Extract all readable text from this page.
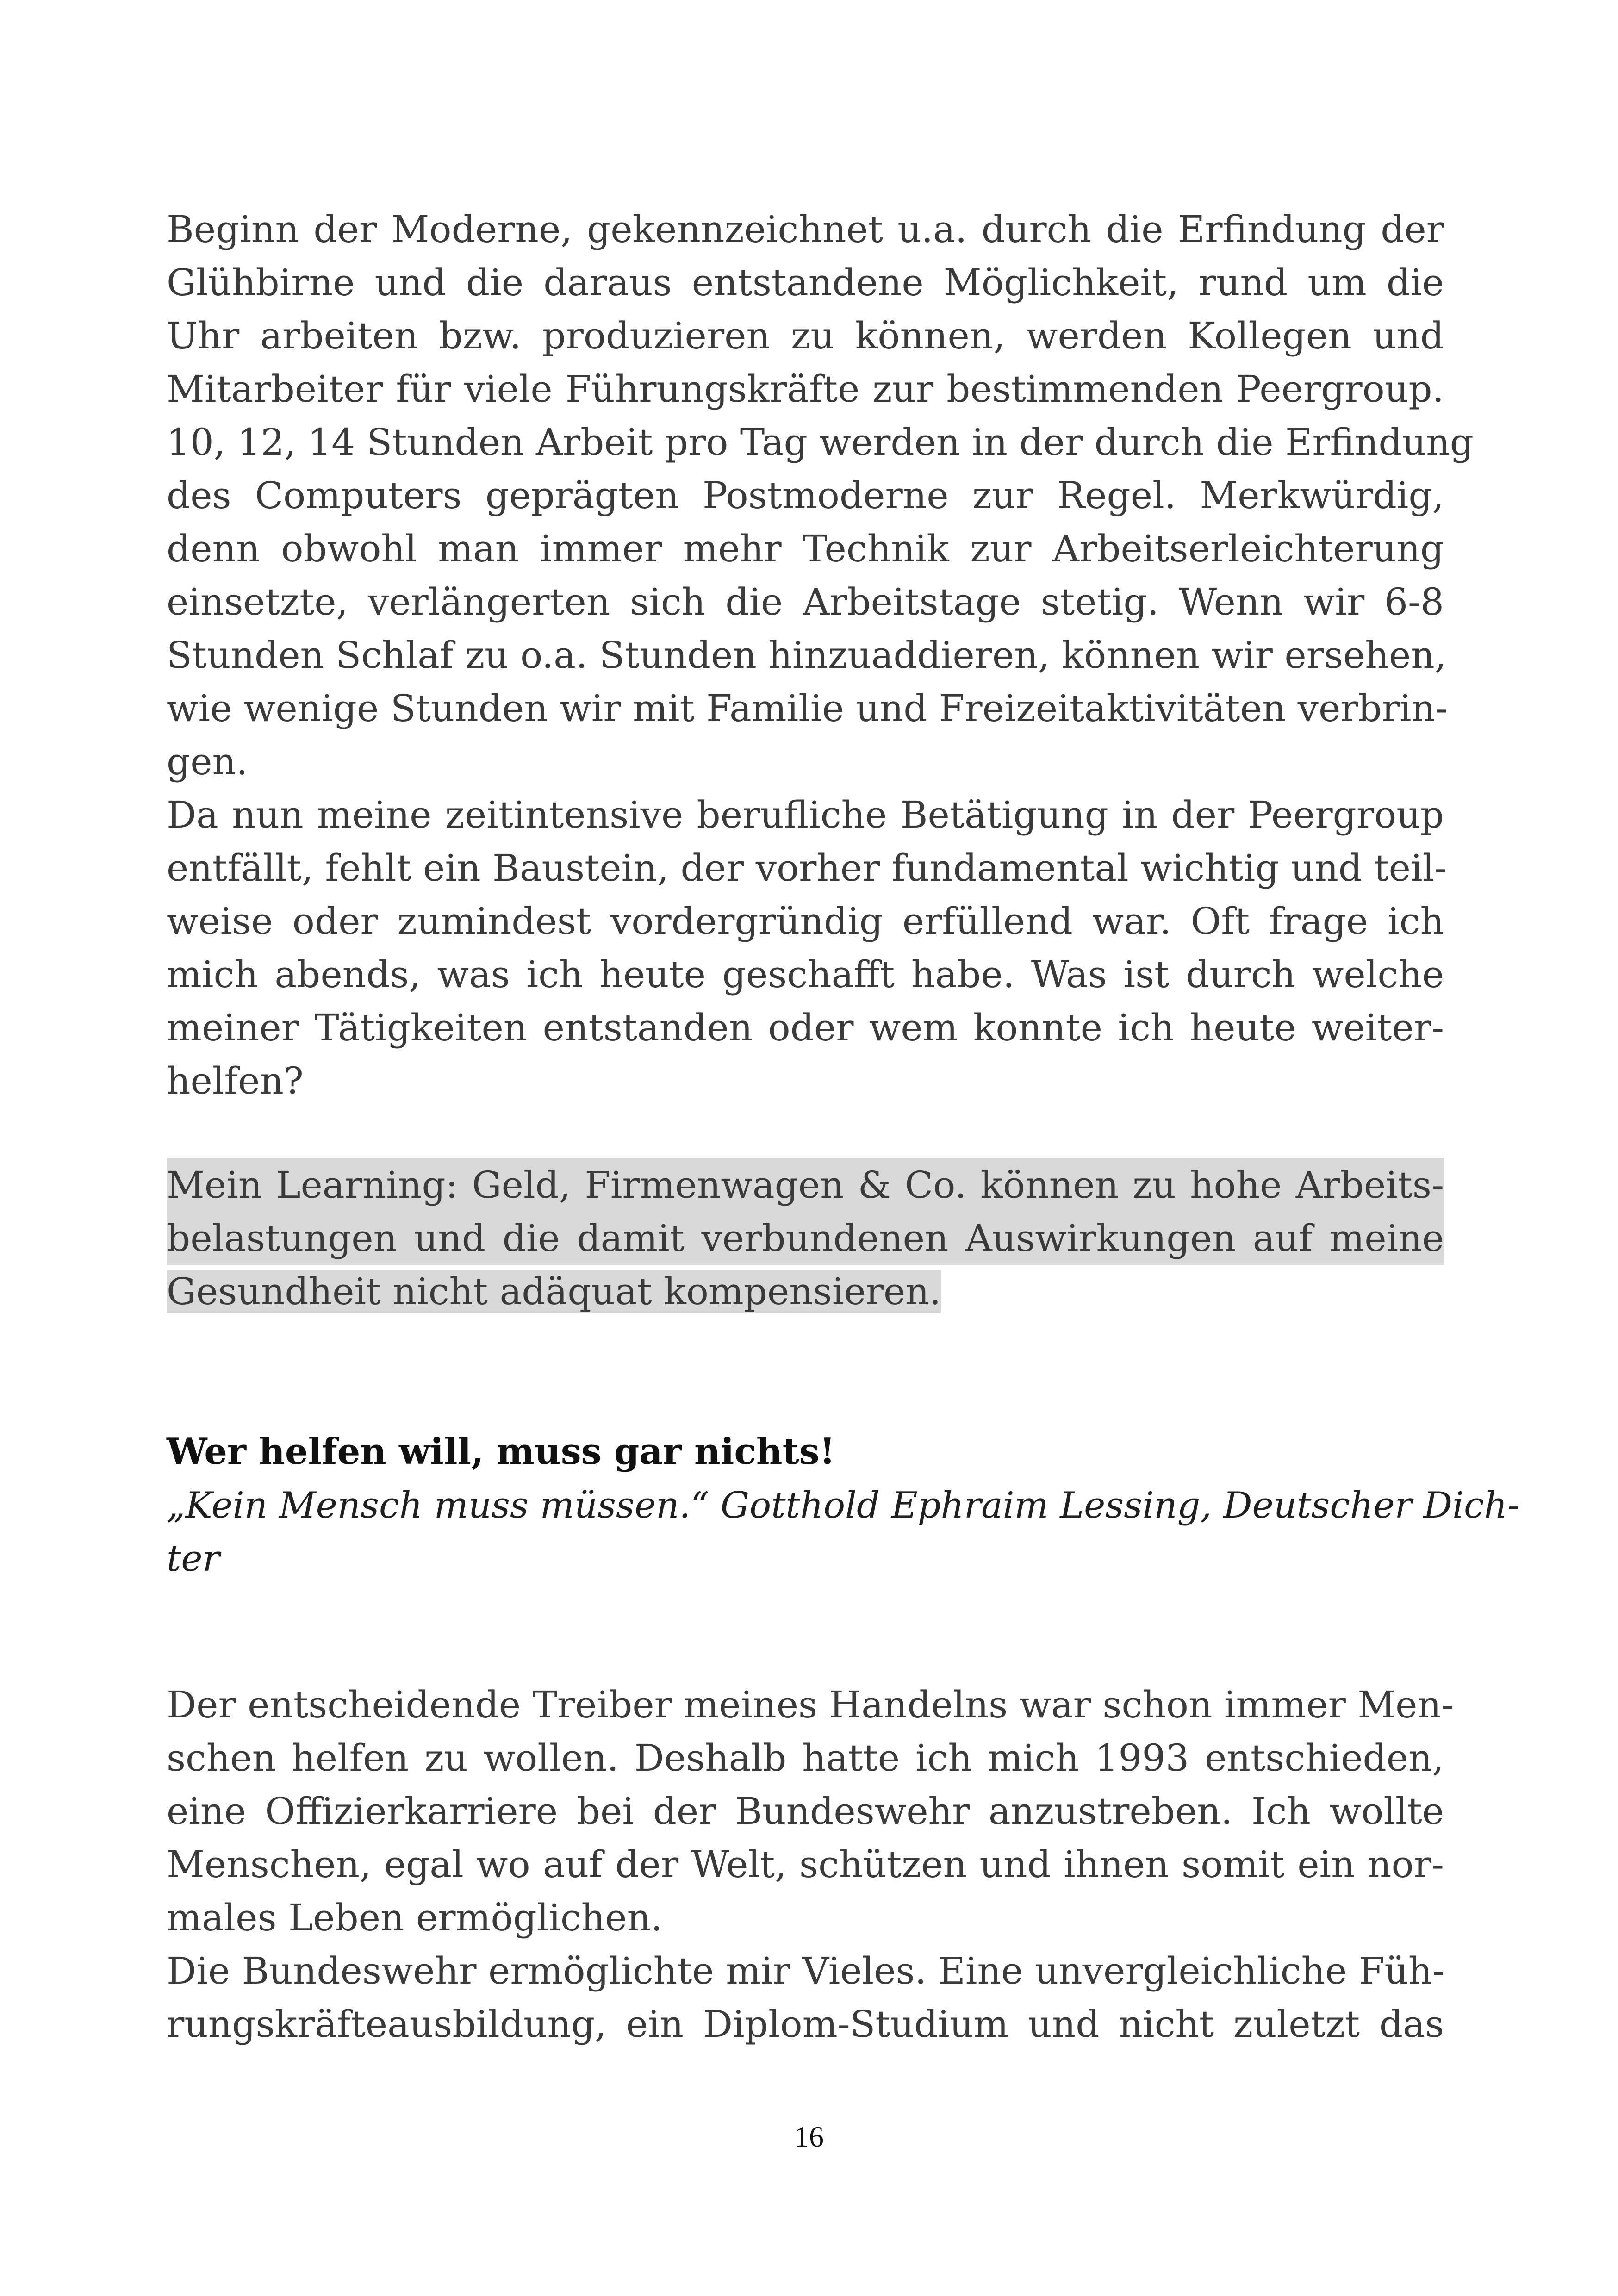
Beginn der Moderne, gekennzeichnet u.a. durch die Erfindung der
Glühbirne und die daraus entstandene Möglichkeit, rund um die
Uhr arbeiten bzw. produzieren zu können, werden Kollegen und
Mitarbeiter für viele Führungskräfte zur bestimmenden Peergroup.
10, 12, 14 Stunden Arbeit pro Tag werden in der durch die Erfindung
des Computers geprägten Postmoderne zur Regel. Merkwürdig,
denn obwohl man immer mehr Technik zur Arbeitserleichterung
einsetzte, verlängerten sich die Arbeitstage stetig. Wenn wir 6-8
Stunden Schlaf zu o.a. Stunden hinzuaddieren, können wir ersehen,
wie wenige Stunden wir mit Familie und Freizeitaktivitäten verbrin-
gen.
Da nun meine zeitintensive berufliche Betätigung in der Peergroup
entfällt, fehlt ein Baustein, der vorher fundamental wichtig und teil-
weise oder zumindest vordergründig erfüllend war. Oft frage ich
mich abends, was ich heute geschafft habe. Was ist durch welche
meiner Tätigkeiten entstanden oder wem konnte ich heute weiter-
helfen?
Mein Learning: Geld, Firmenwagen & Co. können zu hohe Arbeits-
belastungen und die damit verbundenen Auswirkungen auf meine
Gesundheit nicht adäquat kompensieren.
Wer helfen will, muss gar nichts!
„Kein Mensch muss müssen.“ Gotthold Ephraim Lessing, Deutscher Dich-
ter
Der entscheidende Treiber meines Handelns war schon immer Men-
schen helfen zu wollen. Deshalb hatte ich mich 1993 entschieden,
eine Offizierkarriere bei der Bundeswehr anzustreben. Ich wollte
Menschen, egal wo auf der Welt, schützen und ihnen somit ein nor-
males Leben ermöglichen.
Die Bundeswehr ermöglichte mir Vieles. Eine unvergleichliche Füh-
rungskräfteausbildung, ein Diplom-Studium und nicht zuletzt das
16
